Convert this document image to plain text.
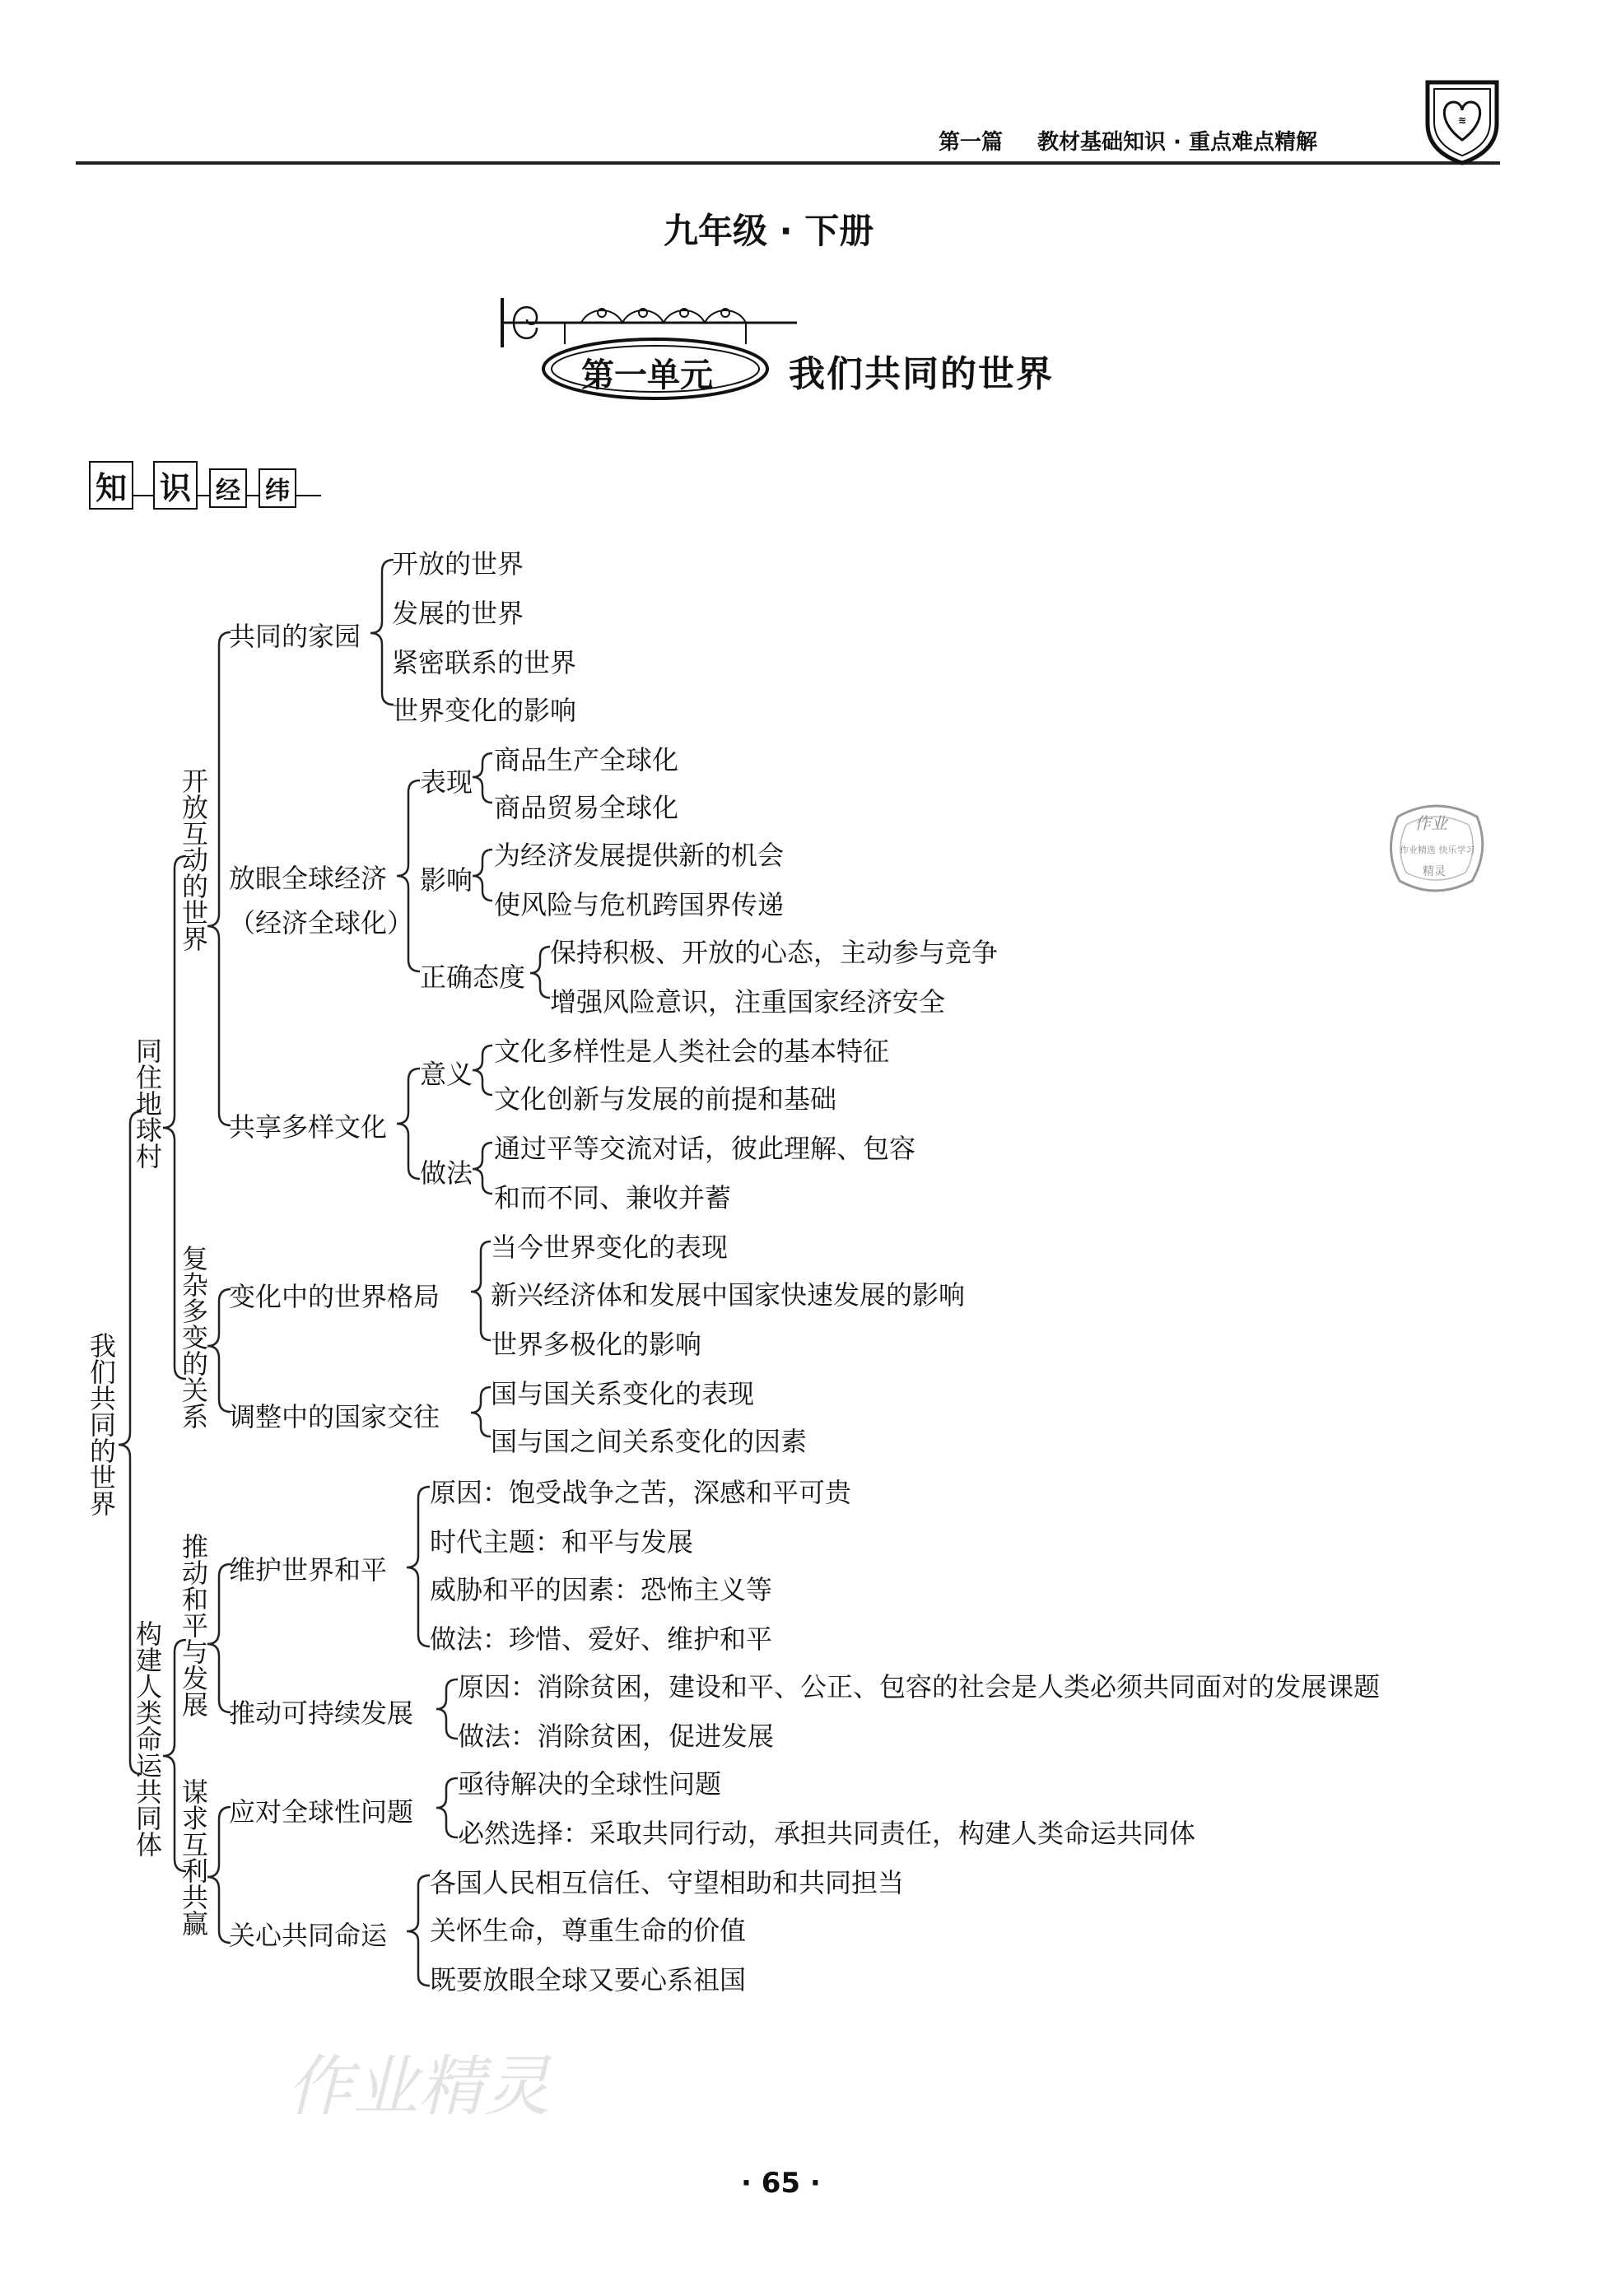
第一篇 教材基础知识 · 重点难点精解
≋
九年级 · 下册
第一单元 我们共同的世界
知 识 经 纬
我们共同的世界
同住地球村
构建人类命运共同体
开放互动的世界
复杂多变的关系
推动和平与发展
谋求互利共赢
共同的家园
放眼全球经济
（经济全球化）
共享多样文化
变化中的世界格局
调整中的国家交往
维护世界和平
推动可持续发展
应对全球性问题
关心共同命运
表现
影响
正确态度
意义
做法
开放的世界
发展的世界
紧密联系的世界
世界变化的影响
商品生产全球化
商品贸易全球化
为经济发展提供新的机会
使风险与危机跨国界传递
保持积极、开放的心态，主动参与竞争
增强风险意识，注重国家经济安全
文化多样性是人类社会的基本特征
文化创新与发展的前提和基础
通过平等交流对话，彼此理解、包容
和而不同、兼收并蓄
当今世界变化的表现
新兴经济体和发展中国家快速发展的影响
世界多极化的影响
国与国关系变化的表现
国与国之间关系变化的因素
原因：饱受战争之苦，深感和平可贵
时代主题：和平与发展
威胁和平的因素：恐怖主义等
做法：珍惜、爱好、维护和平
原因：消除贫困，建设和平、公正、包容的社会是人类必须共同面对的发展课题
做法：消除贫困，促进发展
亟待解决的全球性问题
必然选择：采取共同行动，承担共同责任，构建人类命运共同体
各国人民相互信任、守望相助和共同担当
关怀生命，尊重生命的价值
既要放眼全球又要心系祖国
作业
作业精选 快乐学习
精灵
作业精灵
· 65 ·
